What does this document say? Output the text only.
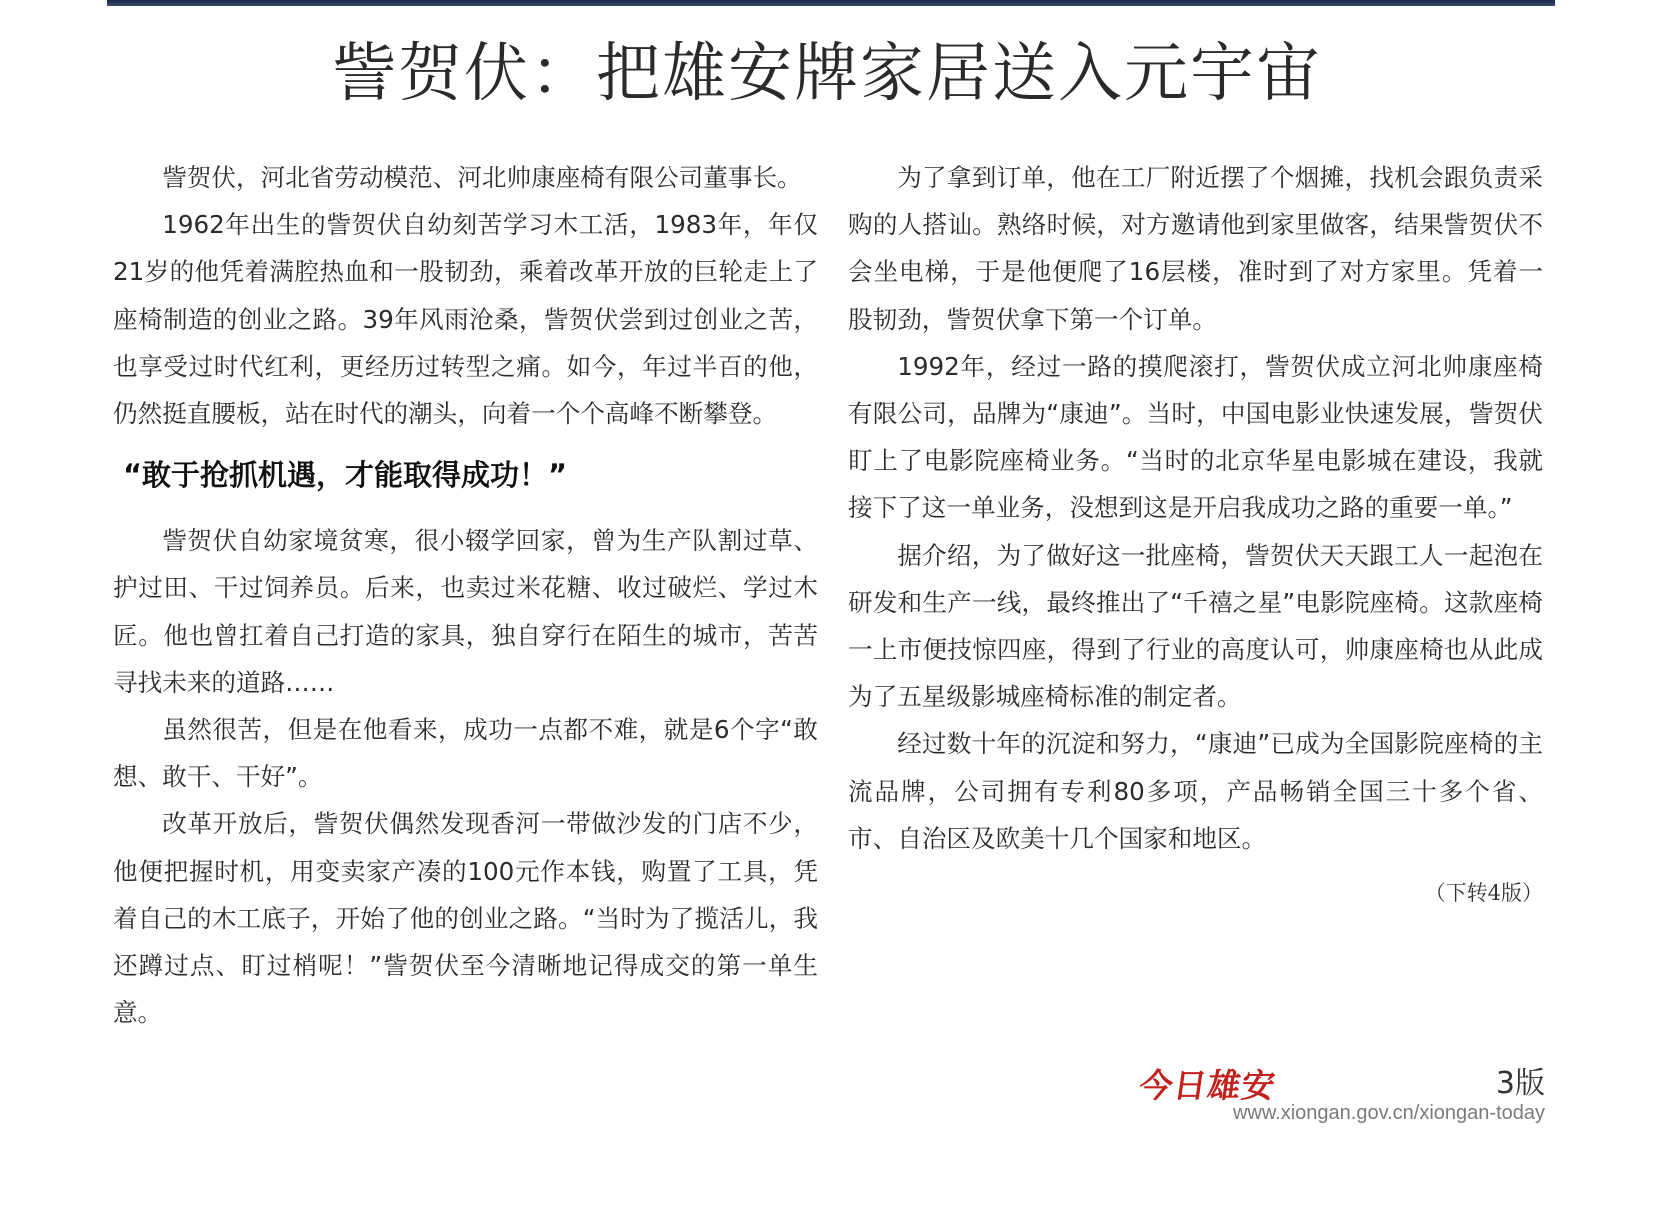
訾贺伏：把雄安牌家居送入元宇宙

訾贺伏，河北省劳动模范、河北帅康座椅有限公司董事长。

1962年出生的訾贺伏自幼刻苦学习木工活，1983年，年仅21岁的他凭着满腔热血和一股韧劲，乘着改革开放的巨轮走上了座椅制造的创业之路。39年风雨沧桑，訾贺伏尝到过创业之苦，也享受过时代红利，更经历过转型之痛。如今，年过半百的他，仍然挺直腰板，站在时代的潮头，向着一个个高峰不断攀登。

“敢于抢抓机遇，才能取得成功！”

訾贺伏自幼家境贫寒，很小辍学回家，曾为生产队割过草、护过田、干过饲养员。后来，也卖过米花糖、收过破烂、学过木匠。他也曾扛着自己打造的家具，独自穿行在陌生的城市，苦苦寻找未来的道路……

虽然很苦，但是在他看来，成功一点都不难，就是6个字“敢想、敢干、干好”。

改革开放后，訾贺伏偶然发现香河一带做沙发的门店不少，他便把握时机，用变卖家产凑的100元作本钱，购置了工具，凭着自己的木工底子，开始了他的创业之路。“当时为了揽活儿，我还蹲过点、盯过梢呢！”訾贺伏至今清晰地记得成交的第一单生意。

为了拿到订单，他在工厂附近摆了个烟摊，找机会跟负责采购的人搭讪。熟络时候，对方邀请他到家里做客，结果訾贺伏不会坐电梯，于是他便爬了16层楼，准时到了对方家里。凭着一股韧劲，訾贺伏拿下第一个订单。

1992年，经过一路的摸爬滚打，訾贺伏成立河北帅康座椅有限公司，品牌为“康迪”。当时，中国电影业快速发展，訾贺伏盯上了电影院座椅业务。“当时的北京华星电影城在建设，我就接下了这一单业务，没想到这是开启我成功之路的重要一单。”

据介绍，为了做好这一批座椅，訾贺伏天天跟工人一起泡在研发和生产一线，最终推出了“千禧之星”电影院座椅。这款座椅一上市便技惊四座，得到了行业的高度认可，帅康座椅也从此成为了五星级影城座椅标准的制定者。

经过数十年的沉淀和努力，“康迪”已成为全国影院座椅的主流品牌，公司拥有专利80多项，产品畅销全国三十多个省、市、自治区及欧美十几个国家和地区。

（下转4版）

今日雄安	3版
www.xiongan.gov.cn/xiongan-today
